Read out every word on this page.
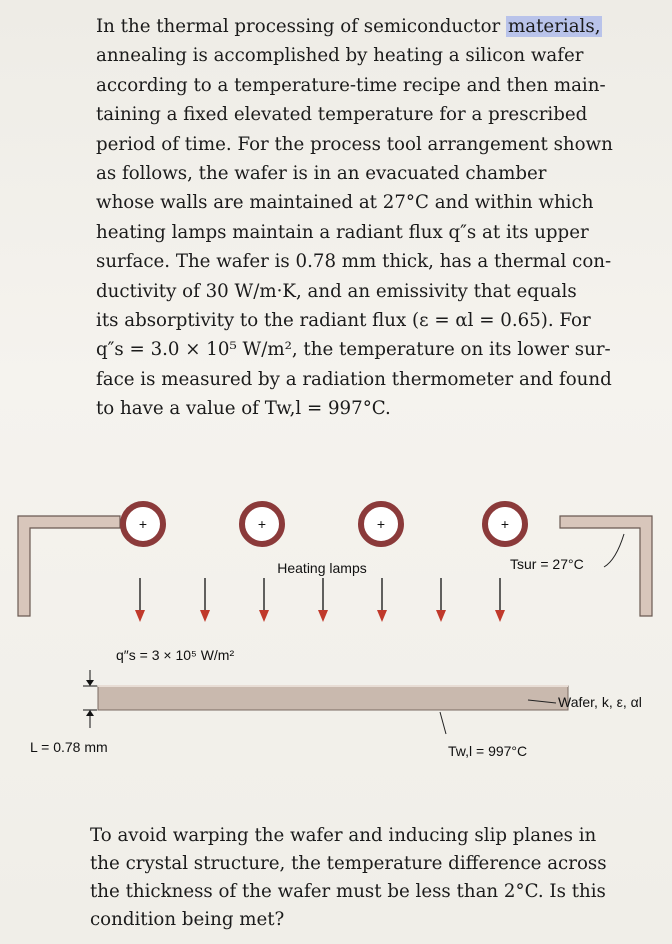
In the thermal processing of semiconductor materials,
annealing is accomplished by heating a silicon wafer
according to a temperature-time recipe and then main-
taining a fixed elevated temperature for a prescribed
period of time. For the process tool arrangement shown
as follows, the wafer is in an evacuated chamber
whose walls are maintained at 27°C and within which
heating lamps maintain a radiant flux q″s at its upper
surface. The wafer is 0.78 mm thick, has a thermal con-
ductivity of 30 W/m·K, and an emissivity that equals
its absorptivity to the radiant flux (ε = αl = 0.65). For
q″s = 3.0 × 10⁵ W/m², the temperature on its lower sur-
face is measured by a radiation thermometer and found
to have a value of Tw,l = 997°C.
+	+	+	+
Heating lamps	Tsur = 27°C
q″s = 3 × 10⁵ W/m²
L = 0.78 mm
Wafer, k, ε, αl
Tw,l = 997°C
To avoid warping the wafer and inducing slip planes in
the crystal structure, the temperature difference across
the thickness of the wafer must be less than 2°C. Is this
condition being met?
